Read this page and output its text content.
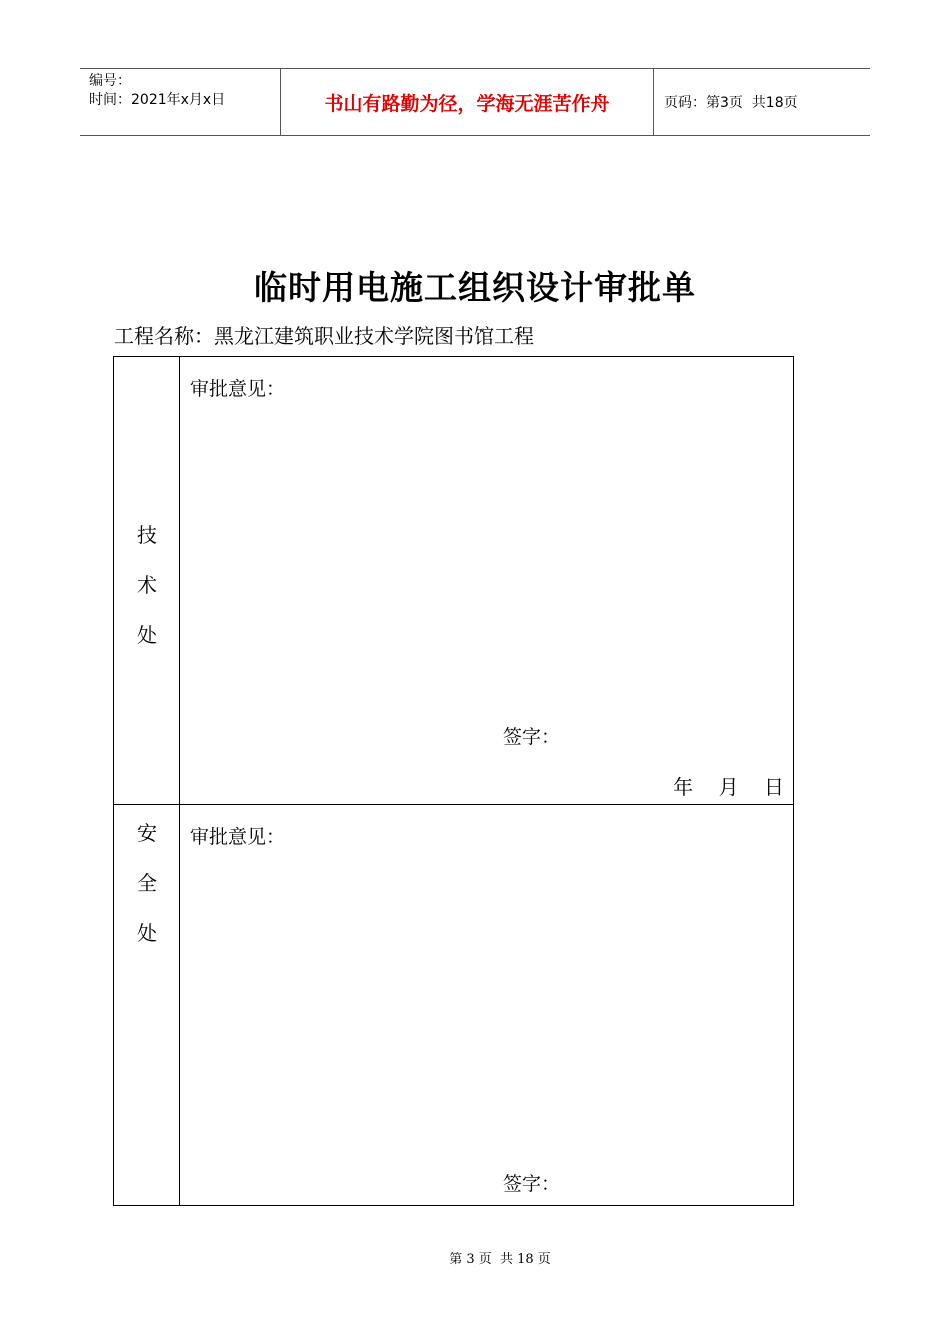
编号：
时间：2021年x月x日	书山有路勤为径，学海无涯苦作舟	页码：第3页  共18页
临时用电施工组织设计审批单
工程名称：黑龙江建筑职业技术学院图书馆工程
技
术
处
审批意见：
签字：
年    月    日
安
全
处
审批意见：
签字：
第 3 页  共 18 页
